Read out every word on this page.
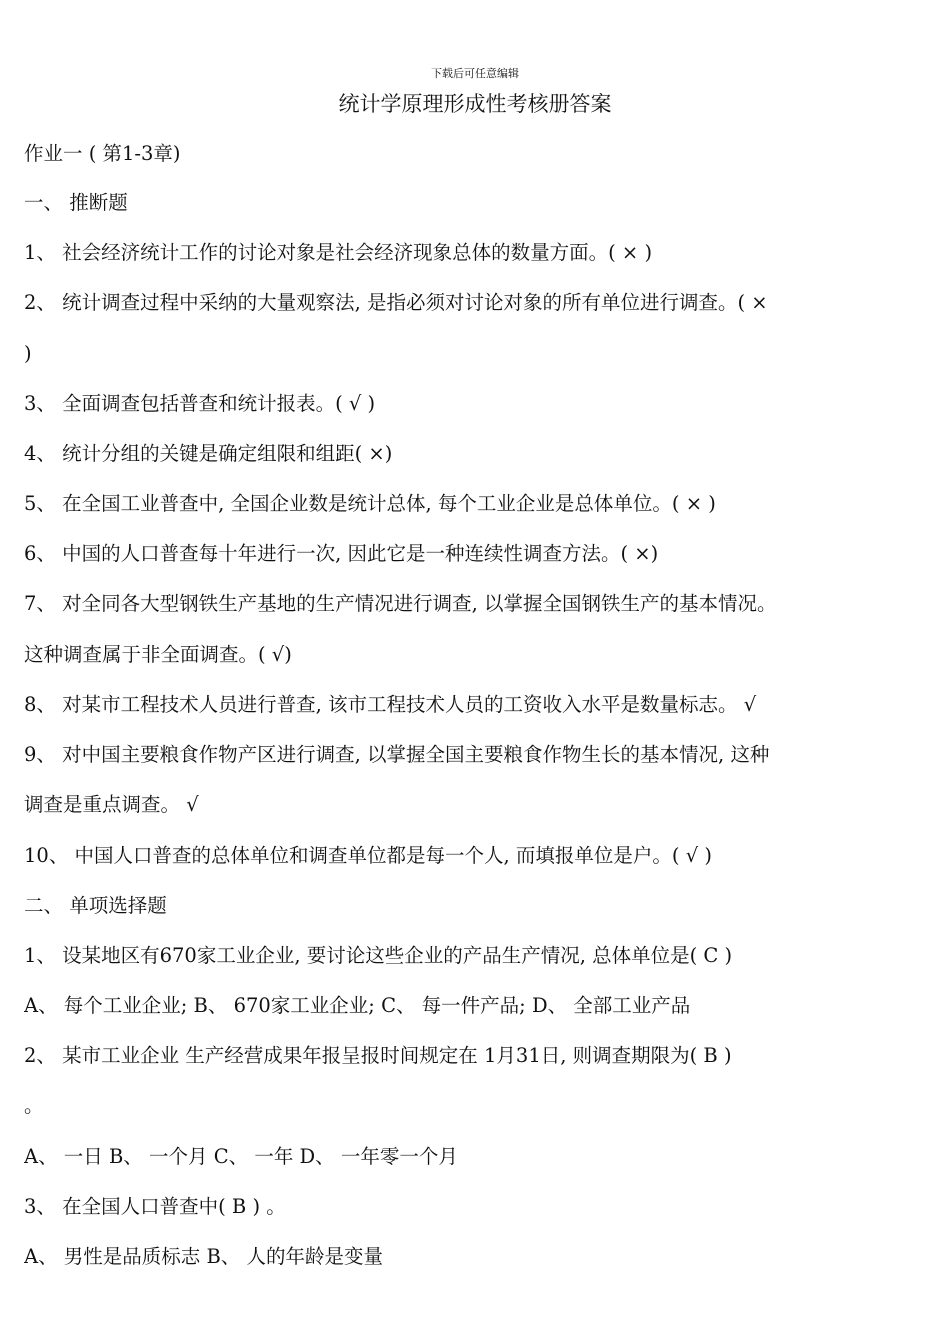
下载后可任意编辑
统计学原理形成性考核册答案
作业一 ( 第1-3章)
一、 推断题
1、 社会经济统计工作的讨论对象是社会经济现象总体的数量方面。( × )
2、 统计调查过程中采纳的大量观察法, 是指必须对讨论对象的所有单位进行调查。( ×
)
3、 全面调查包括普查和统计报表。( √ )
4、 统计分组的关键是确定组限和组距( ×)
5、 在全国工业普查中, 全国企业数是统计总体, 每个工业企业是总体单位。( × )
6、 中国的人口普查每十年进行一次, 因此它是一种连续性调查方法。( ×)
7、 对全同各大型钢铁生产基地的生产情况进行调查, 以掌握全国钢铁生产的基本情况。
这种调查属于非全面调查。( √)
8、 对某市工程技术人员进行普查, 该市工程技术人员的工资收入水平是数量标志。 √
9、 对中国主要粮食作物产区进行调查, 以掌握全国主要粮食作物生长的基本情况, 这种
调查是重点调查。 √
10、 中国人口普查的总体单位和调查单位都是每一个人, 而填报单位是户。( √ )
二、 单项选择题
1、 设某地区有670家工业企业, 要讨论这些企业的产品生产情况, 总体单位是( C )
A、 每个工业企业; B、 670家工业企业; C、 每一件产品; D、 全部工业产品
2、 某市工业企业 生产经营成果年报呈报时间规定在 1月31日, 则调查期限为( B )
。
A、 一日 B、 一个月 C、 一年 D、 一年零一个月
3、 在全国人口普查中( B ) 。
A、 男性是品质标志 B、 人的年龄是变量
